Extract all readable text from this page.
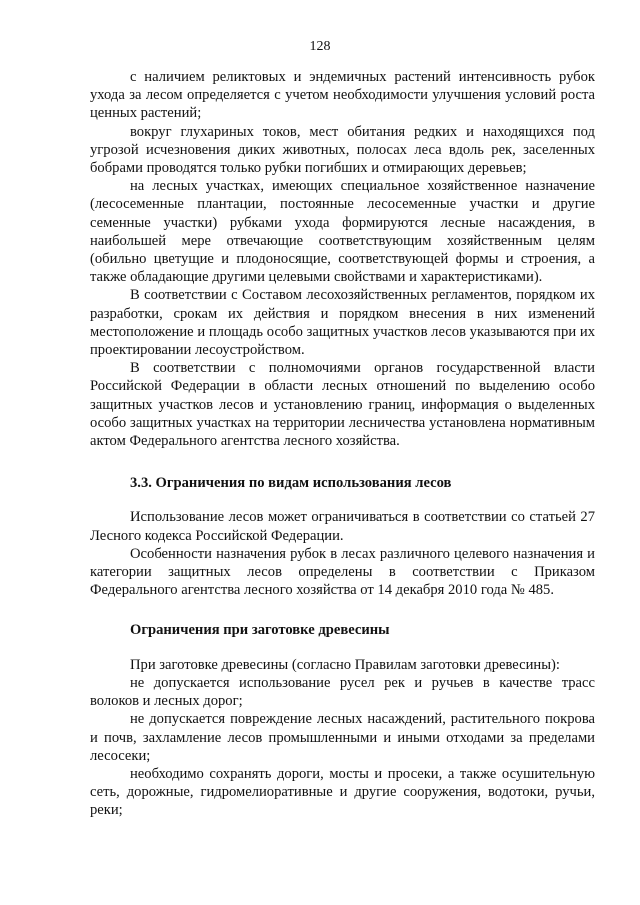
128

с наличием реликтовых и эндемичных растений интенсивность рубок ухода за лесом определяется с учетом необходимости улучшения условий роста ценных растений;

вокруг глухариных токов, мест обитания редких и находящихся под угрозой исчезновения диких животных, полосах леса вдоль рек, заселенных бобрами проводятся только рубки погибших и отмирающих деревьев;

на лесных участках, имеющих специальное хозяйственное назначение (лесосеменные плантации, постоянные лесосеменные участки и другие семенные участки) рубками ухода формируются лесные насаждения, в наибольшей мере отвечающие соответствующим хозяйственным целям (обильно цветущие и плодоносящие, соответствующей формы и строения, а также обладающие другими целевыми свойствами и характеристиками).

В соответствии с Составом лесохозяйственных регламентов, порядком их разработки, срокам их действия и порядком внесения в них изменений местоположение и площадь особо защитных участков лесов указываются при их проектировании лесоустройством.

В соответствии с полномочиями органов государственной власти Российской Федерации в области лесных отношений по выделению особо защитных участков лесов и установлению границ, информация о выделенных особо защитных участках на территории лесничества установлена нормативным актом Федерального агентства лесного хозяйства.

3.3. Ограничения по видам использования лесов

Использование лесов может ограничиваться в соответствии со статьей 27 Лесного кодекса Российской Федерации.

Особенности назначения рубок в лесах различного целевого назначения и категории защитных лесов определены в соответствии с Приказом Федерального агентства лесного хозяйства от 14 декабря 2010 года № 485.

Ограничения при заготовке древесины

При заготовке древесины (согласно Правилам заготовки древесины):

не допускается использование русел рек и ручьев в качестве трасс волоков и лесных дорог;

не допускается повреждение лесных насаждений, растительного покрова и почв, захламление лесов промышленными и иными отходами за пределами лесосеки;

необходимо сохранять дороги, мосты и просеки, а также осушительную сеть, дорожные, гидромелиоративные и другие сооружения, водотоки, ручьи, реки;
